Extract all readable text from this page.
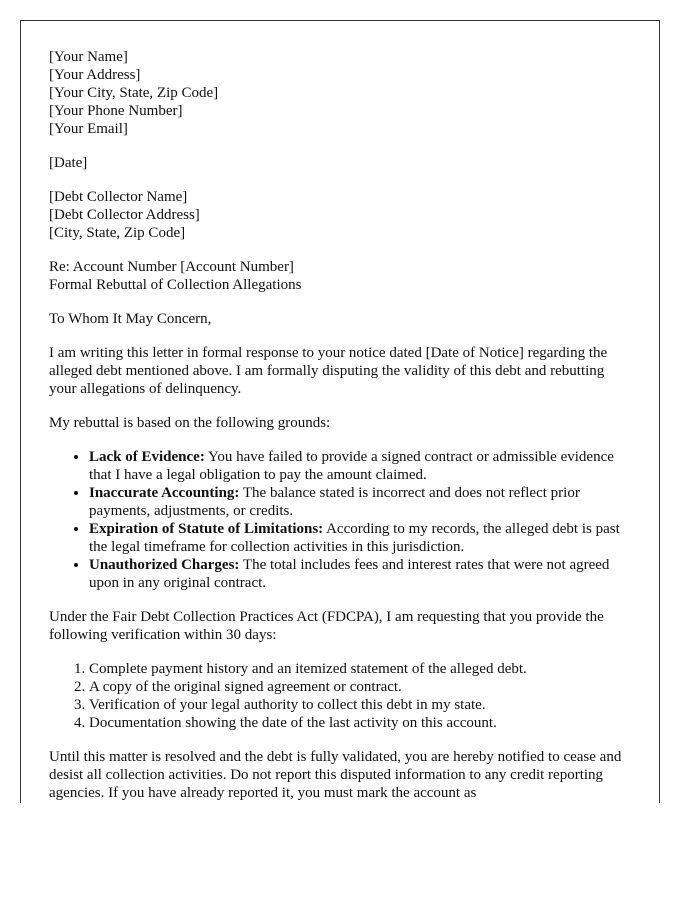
[Your Name]
[Your Address]
[Your City, State, Zip Code]
[Your Phone Number]
[Your Email]

[Date]

[Debt Collector Name]
[Debt Collector Address]
[City, State, Zip Code]

Re: Account Number [Account Number]
Formal Rebuttal of Collection Allegations

To Whom It May Concern,

I am writing this letter in formal response to your notice dated [Date of Notice] regarding the alleged debt mentioned above. I am formally disputing the validity of this debt and rebutting your allegations of delinquency.

My rebuttal is based on the following grounds:

• Lack of Evidence: You have failed to provide a signed contract or admissible evidence that I have a legal obligation to pay the amount claimed.
• Inaccurate Accounting: The balance stated is incorrect and does not reflect prior payments, adjustments, or credits.
• Expiration of Statute of Limitations: According to my records, the alleged debt is past the legal timeframe for collection activities in this jurisdiction.
• Unauthorized Charges: The total includes fees and interest rates that were not agreed upon in any original contract.

Under the Fair Debt Collection Practices Act (FDCPA), I am requesting that you provide the following verification within 30 days:

1. Complete payment history and an itemized statement of the alleged debt.
2. A copy of the original signed agreement or contract.
3. Verification of your legal authority to collect this debt in my state.
4. Documentation showing the date of the last activity on this account.

Until this matter is resolved and the debt is fully validated, you are hereby notified to cease and desist all collection activities. Do not report this disputed information to any credit reporting agencies. If you have already reported it, you must mark the account as
